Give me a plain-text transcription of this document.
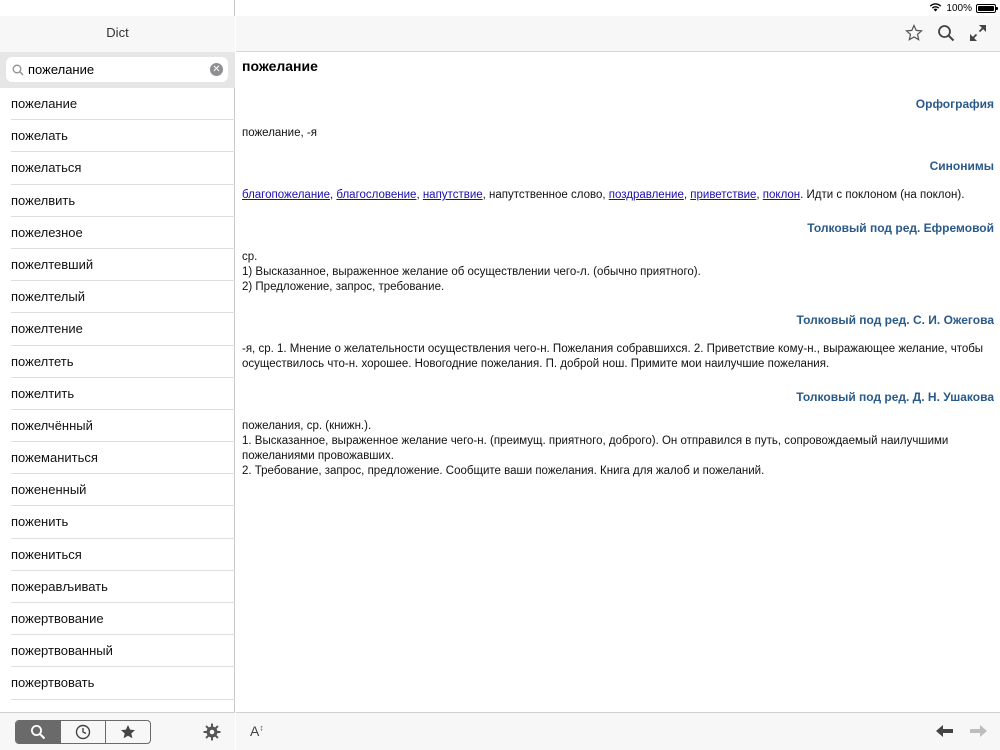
100%
Dict
пожелание
✕
пожелание
пожелать
пожелаться
пожелвить
пожелезное
пожелтевший
пожелтелый
пожелтение
пожелтеть
пожелтить
пожелчённый
пожеманиться
пожененный
поженить
пожениться
пожерављивать
пожертвование
пожертвованный
пожертвовать
пожелание
Орфография
пожелание, -я
Синонимы
благопожелание, благословение, напутствие, напутственное слово, поздравление, приветствие, поклон. Идти с поклоном (на поклон).
Толковый под ред. Ефремовой
ср.
1) Высказанное, выраженное желание об осуществлении чего-л. (обычно приятного).
2) Предложение, запрос, требование.
Толковый под ред. С. И. Ожегова
-я, ср. 1. Мнение о желательности осуществления чего-н. Пожелания собравшихся. 2. Приветствие кому-н., выражающее желание, чтобы осуществилось что-н. хорошее. Новогодние пожелания. П. доброй нош. Примите мои наилучшие пожелания.
Толковый под ред. Д. Н. Ушакова
пожелания, ср. (книжн.).
1. Высказанное, выраженное желание чего-н. (преимущ. приятного, доброго). Он отправился в путь, сопровождаемый наилучшими пожеланиями провожавших.
2. Требование, запрос, предложение. Сообщите ваши пожелания. Книга для жалоб и пожеланий.
A↕
